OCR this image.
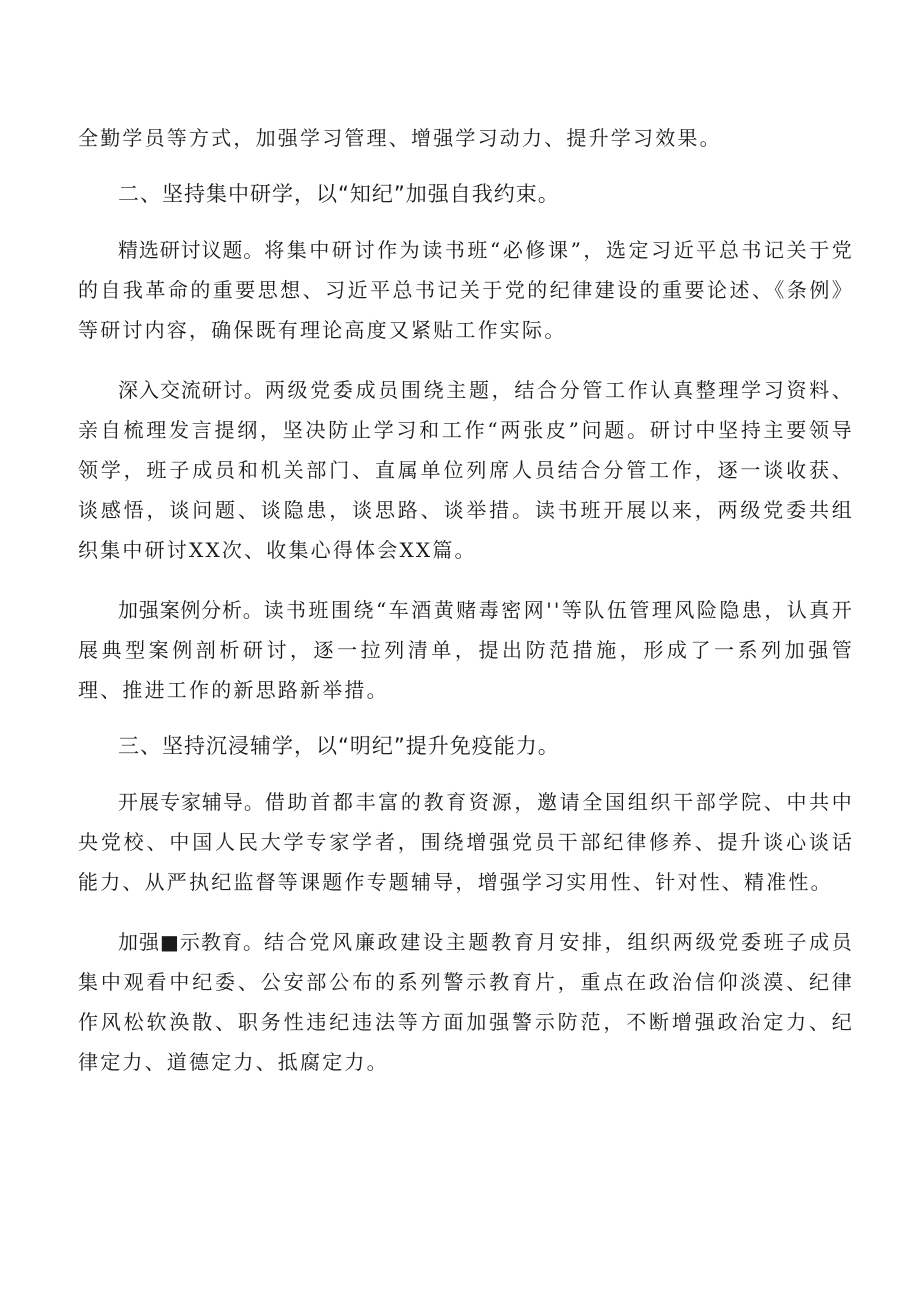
全勤学员等方式，加强学习管理、增强学习动力、提升学习效果。

二、坚持集中研学，以“知纪”加强自我约束。

精选研讨议题。将集中研讨作为读书班“必修课”，选定习近平总书记关于党的自我革命的重要思想、习近平总书记关于党的纪律建设的重要论述、《条例》等研讨内容，确保既有理论高度又紧贴工作实际。

深入交流研讨。两级党委成员围绕主题，结合分管工作认真整理学习资料、亲自梳理发言提纲，坚决防止学习和工作“两张皮”问题。研讨中坚持主要领导领学，班子成员和机关部门、直属单位列席人员结合分管工作，逐一谈收获、谈感悟，谈问题、谈隐患，谈思路、谈举措。读书班开展以来，两级党委共组织集中研讨XX次、收集心得体会XX篇。

加强案例分析。读书班围绕“车酒黄赌毒密网''等队伍管理风险隐患，认真开展典型案例剖析研讨，逐一拉列清单，提出防范措施，形成了一系列加强管理、推进工作的新思路新举措。

三、坚持沉浸辅学，以“明纪”提升免疫能力。

开展专家辅导。借助首都丰富的教育资源，邀请全国组织干部学院、中共中央党校、中国人民大学专家学者，围绕增强党员干部纪律修养、提升谈心谈话能力、从严执纪监督等课题作专题辅导，增强学习实用性、针对性、精准性。

加强■示教育。结合党风廉政建设主题教育月安排，组织两级党委班子成员集中观看中纪委、公安部公布的系列警示教育片，重点在政治信仰淡漠、纪律作风松软涣散、职务性违纪违法等方面加强警示防范，不断增强政治定力、纪律定力、道德定力、抵腐定力。
